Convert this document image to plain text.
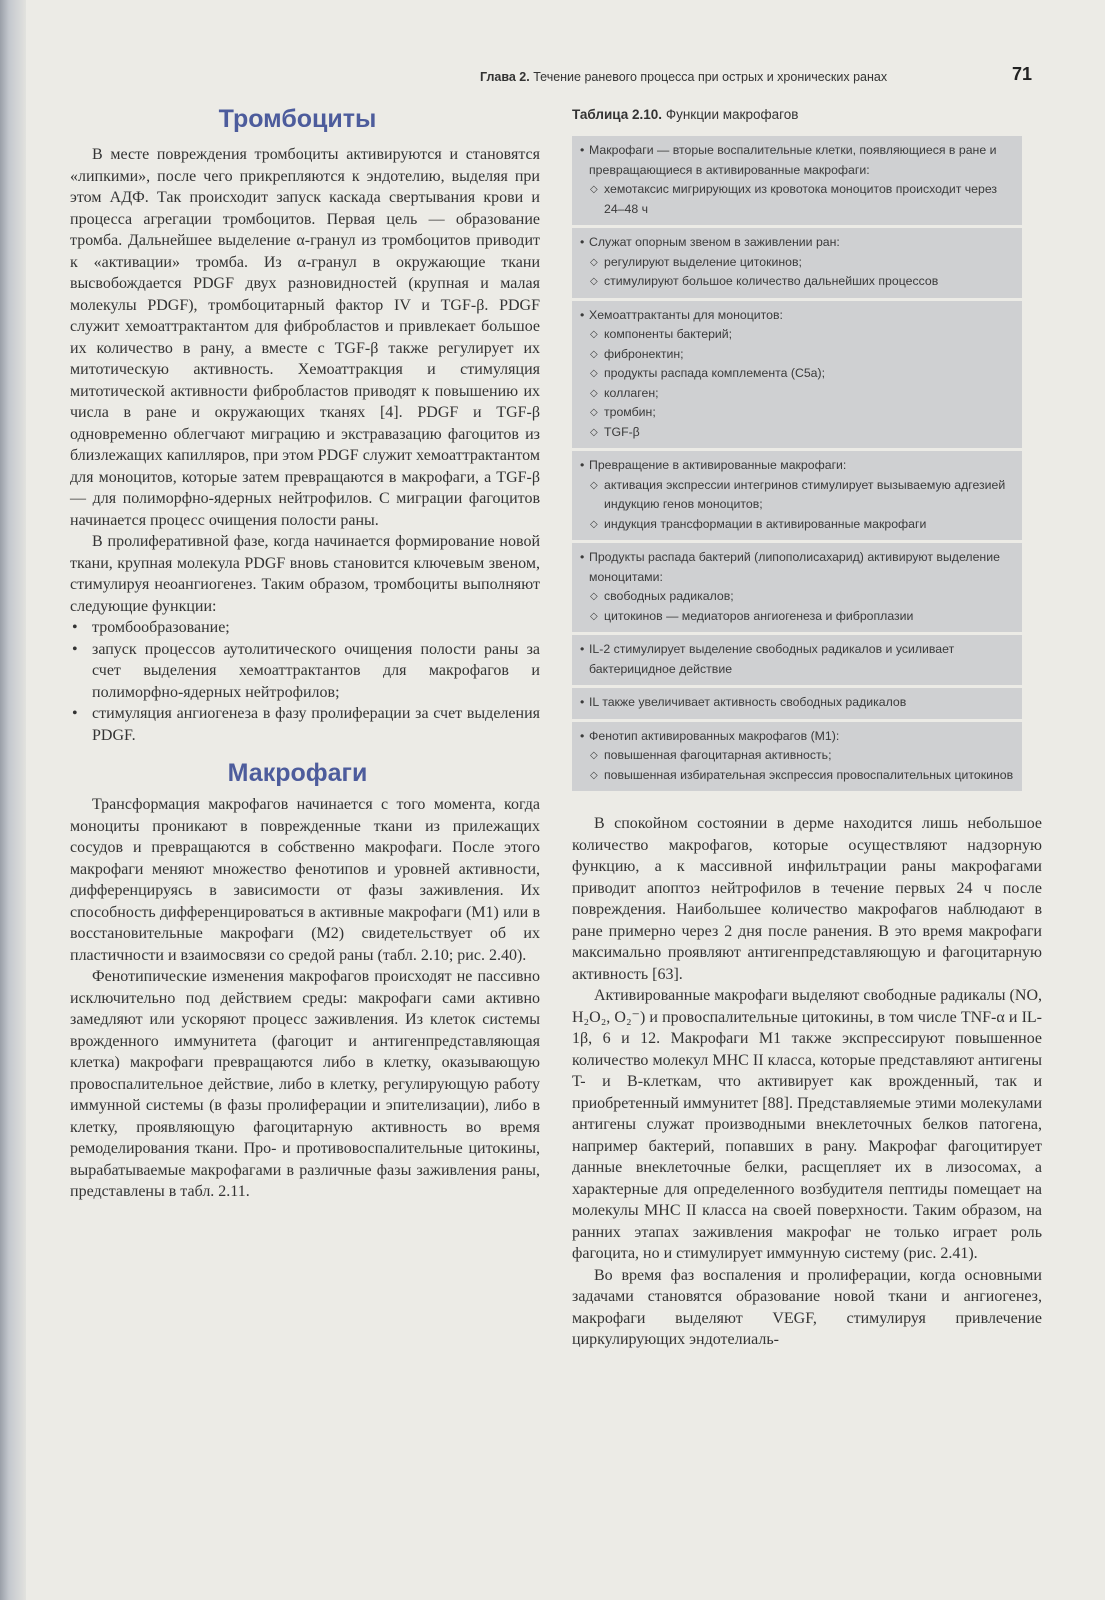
Глава 2. Течение раневого процесса при острых и хронических ранах	71
Тромбоциты

В месте повреждения тромбоциты активируются и становятся «липкими», после чего прикрепляются к эндотелию, выделяя при этом АДФ. Так происходит запуск каскада свертывания крови и процесса агрегации тромбоцитов. Первая цель — образование тромба. Дальнейшее выделение α-гранул из тромбоцитов приводит к «активации» тромба. Из α-гранул в окружающие ткани высвобождается PDGF двух разновидностей (крупная и малая молекулы PDGF), тромбоцитарный фактор IV и TGF-β. PDGF служит хемоаттрактантом для фибробластов и привлекает большое их количество в рану, а вместе с TGF-β также регулирует их митотическую активность. Хемоаттракция и стимуляция митотической активности фибробластов приводят к повышению их числа в ране и окружающих тканях [4]. PDGF и TGF-β одновременно облегчают миграцию и экстравазацию фагоцитов из близлежащих капилляров, при этом PDGF служит хемоаттрактантом для моноцитов, которые затем превращаются в макрофаги, а TGF-β — для полиморфно-ядерных нейтрофилов. С миграции фагоцитов начинается процесс очищения полости раны.

В пролиферативной фазе, когда начинается формирование новой ткани, крупная молекула PDGF вновь становится ключевым звеном, стимулируя неоангиогенез. Таким образом, тромбоциты выполняют следующие функции:

• тромбообразование;
• запуск процессов аутолитического очищения полости раны за счет выделения хемоаттрактантов для макрофагов и полиморфно-ядерных нейтрофилов;
• стимуляция ангиогенеза в фазу пролиферации за счет выделения PDGF.
Макрофаги

Трансформация макрофагов начинается с того момента, когда моноциты проникают в поврежденные ткани из прилежащих сосудов и превращаются в собственно макрофаги. После этого макрофаги меняют множество фенотипов и уровней активности, дифференцируясь в зависимости от фазы заживления. Их способность дифференцироваться в активные макрофаги (M1) или в восстановительные макрофаги (M2) свидетельствует об их пластичности и взаимосвязи со средой раны (табл. 2.10; рис. 2.40).

Фенотипические изменения макрофагов происходят не пассивно исключительно под действием среды: макрофаги сами активно замедляют или ускоряют процесс заживления. Из клеток системы врожденного иммунитета (фагоцит и антигенпредставляющая клетка) макрофаги превращаются либо в клетку, оказывающую провоспалительное действие, либо в клетку, регулирующую работу иммунной системы (в фазы пролиферации и эпителизации), либо в клетку, проявляющую фагоцитарную активность во время ремоделирования ткани. Про- и противовоспалительные цитокины, вырабатываемые макрофагами в различные фазы заживления раны, представлены в табл. 2.11.

Таблица 2.10. Функции макрофагов
• Макрофаги — вторые воспалительные клетки, появляющиеся в ране и превращающиеся в активированные макрофаги:
◇ хемотаксис мигрирующих из кровотока моноцитов происходит через 24–48 ч
• Служат опорным звеном в заживлении ран:
◇ регулируют выделение цитокинов;
◇ стимулируют большое количество дальнейших процессов
• Хемоаттрактанты для моноцитов:
◇ компоненты бактерий;
◇ фибронектин;
◇ продукты распада комплемента (C5a);
◇ коллаген;
◇ тромбин;
◇ TGF-β
• Превращение в активированные макрофаги:
◇ активация экспрессии интегринов стимулирует вызываемую адгезией индукцию генов моноцитов;
◇ индукция трансформации в активированные макрофаги
• Продукты распада бактерий (липополисахарид) активируют выделение моноцитами:
◇ свободных радикалов;
◇ цитокинов — медиаторов ангиогенеза и фиброплазии
• IL-2 стимулирует выделение свободных радикалов и усиливает бактерицидное действие
• IL также увеличивает активность свободных радикалов
• Фенотип активированных макрофагов (M1):
◇ повышенная фагоцитарная активность;
◇ повышенная избирательная экспрессия провоспалительных цитокинов

В спокойном состоянии в дерме находится лишь небольшое количество макрофагов, которые осуществляют надзорную функцию, а к массивной инфильтрации раны макрофагами приводит апоптоз нейтрофилов в течение первых 24 ч после повреждения. Наибольшее количество макрофагов наблюдают в ране примерно через 2 дня после ранения. В это время макрофаги максимально проявляют антигенпредставляющую и фагоцитарную активность [63].

Активированные макрофаги выделяют свободные радикалы (NO, H₂O₂, O₂⁻) и провоспалительные цитокины, в том числе TNF-α и IL-1β, 6 и 12. Макрофаги M1 также экспрессируют повышенное количество молекул MHC II класса, которые представляют антигены T- и B-клеткам, что активирует как врожденный, так и приобретенный иммунитет [88]. Представляемые этими молекулами антигены служат производными внеклеточных белков патогена, например бактерий, попавших в рану. Макрофаг фагоцитирует данные внеклеточные белки, расщепляет их в лизосомах, а характерные для определенного возбудителя пептиды помещает на молекулы MHC II класса на своей поверхности. Таким образом, на ранних этапах заживления макрофаг не только играет роль фагоцита, но и стимулирует иммунную систему (рис. 2.41).

Во время фаз воспаления и пролиферации, когда основными задачами становятся образование новой ткани и ангиогенез, макрофаги выделяют VEGF, стимулируя привлечение циркулирующих эндотелиаль-
